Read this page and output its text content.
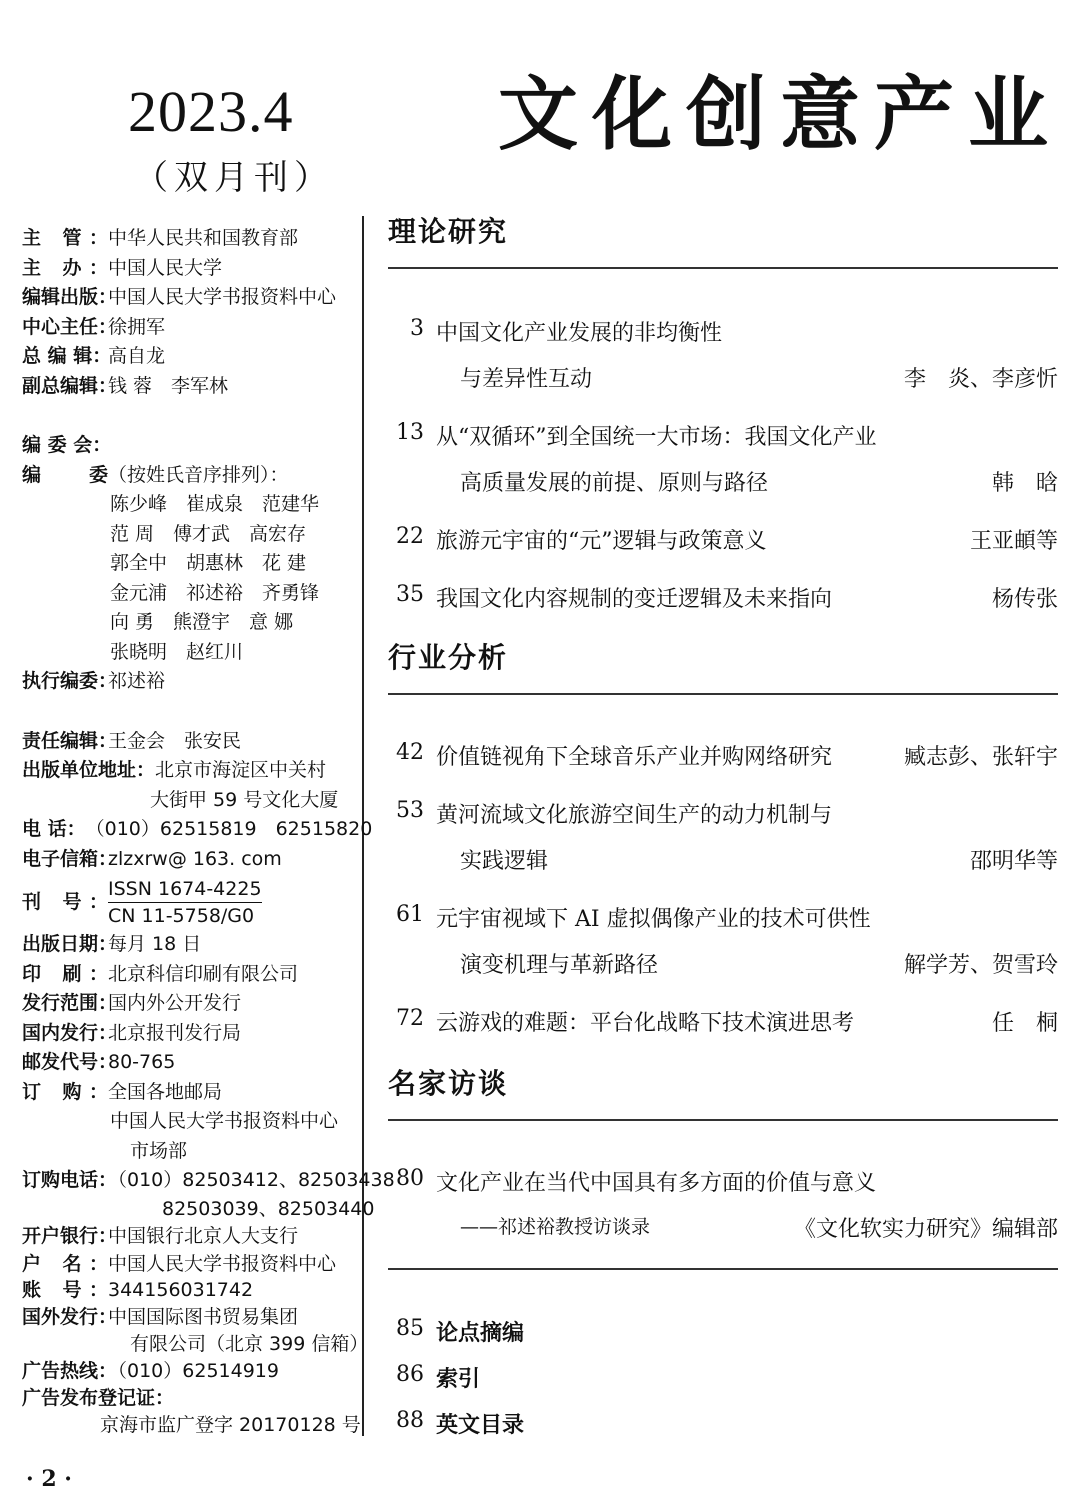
2023.4
（双月刊）
文化创意产业
主 管： 中华人民共和国教育部
主 办： 中国人民大学
编辑出版：
中国人民大学书报资料中心
中心主任：
徐拥军
总 编 辑：
高自龙
副总编辑：
钱 蓉　李军林
编 委 会：
编 委 （按姓氏音序排列）：
陈少峰　崔成泉　范建华
范 周　傅才武　高宏存
郭全中　胡惠林　花 建
金元浦　祁述裕　齐勇锋
向 勇　熊澄宇　意 娜
张晓明　赵红川
执行编委：
祁述裕
责任编辑：
王金会　张安民
出版单位地址： 北京市海淀区中关村
大街甲 59 号文化大厦
电 话： （010）62515819　62515820
电子信箱：
zlzxrw@ 163. com
刊 号：
ISSN 1674-4225
CN 11-5758/G0
出版日期：
每月 18 日
印 刷： 北京科信印刷有限公司
发行范围：
国内外公开发行
国内发行：
北京报刊发行局
邮发代号：
80-765
订 购： 全国各地邮局
中国人民大学书报资料中心
市场部
订购电话：
（010）82503412、82503438
82503039、82503440
开户银行：
中国银行北京人大支行
户 名： 中国人民大学书报资料中心
账 号： 344156031742
国外发行：
中国国际图书贸易集团
有限公司（北京 399 信箱）
广告热线：
（010）62514919
广告发布登记证：
京海市监广登字 20170128 号
理论研究
3 中国文化产业发展的非均衡性
与差异性互动	李　炎、李彦忻
13 从“双循环”到全国统一大市场：我国文化产业
高质量发展的前提、原则与路径	韩　晗
22 旅游元宇宙的“元”逻辑与政策意义	王亚頔等
35 我国文化内容规制的变迁逻辑及未来指向	杨传张
行业分析
42 价值链视角下全球音乐产业并购网络研究	臧志彭、张轩宇
53 黄河流域文化旅游空间生产的动力机制与
实践逻辑	邵明华等
61 元宇宙视域下 AI 虚拟偶像产业的技术可供性
演变机理与革新路径	解学芳、贺雪玲
72 云游戏的难题：平台化战略下技术演进思考	任　桐
名家访谈
80 文化产业在当代中国具有多方面的价值与意义
——祁述裕教授访谈录	《文化软实力研究》编辑部
85 论点摘编
86 索引
88 英文目录
· 2 ·
